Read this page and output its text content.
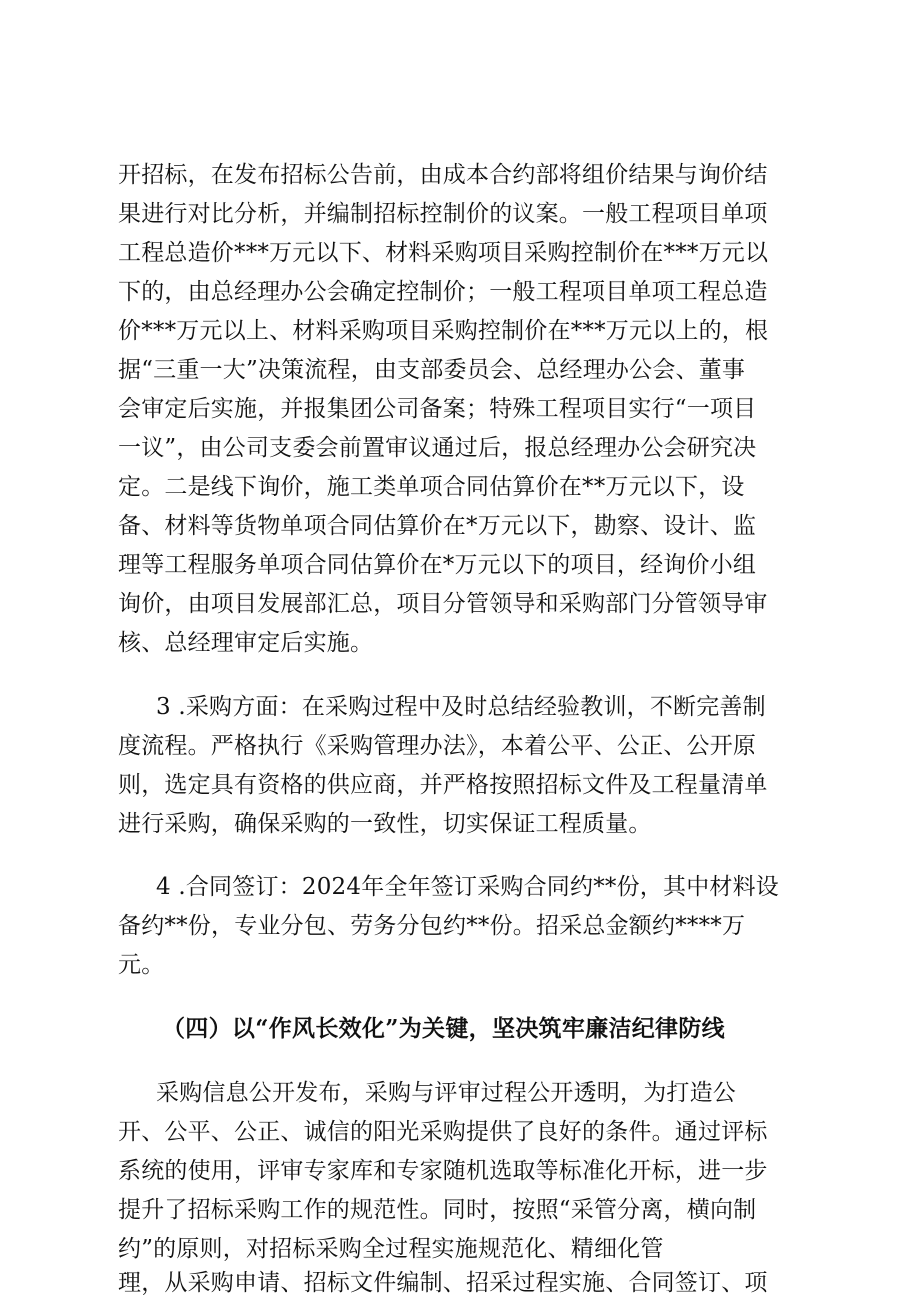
开招标，在发布招标公告前，由成本合约部将组价结果与询价结
果进行对比分析，并编制招标控制价的议案。一般工程项目单项
工程总造价***万元以下、材料采购项目采购控制价在***万元以
下的，由总经理办公会确定控制价；一般工程项目单项工程总造
价***万元以上、材料采购项目采购控制价在***万元以上的，根
据“三重一大”决策流程，由支部委员会、总经理办公会、董事
会审定后实施，并报集团公司备案；特殊工程项目实行“一项目
一议”，由公司支委会前置审议通过后，报总经理办公会研究决
定。二是线下询价，施工类单项合同估算价在**万元以下，设
备、材料等货物单项合同估算价在*万元以下，勘察、设计、监
理等工程服务单项合同估算价在*万元以下的项目，经询价小组
询价，由项目发展部汇总，项目分管领导和采购部门分管领导审
核、总经理审定后实施。
3 .采购方面：在采购过程中及时总结经验教训，不断完善制
度流程。严格执行《采购管理办法》，本着公平、公正、公开原
则，选定具有资格的供应商，并严格按照招标文件及工程量清单
进行采购，确保采购的一致性，切实保证工程质量。
4 .合同签订：2024年全年签订采购合同约**份，其中材料设
备约**份，专业分包、劳务分包约**份。招采总金额约****万
元。
（四）以“作风长效化”为关键，坚决筑牢廉洁纪律防线
采购信息公开发布，采购与评审过程公开透明，为打造公
开、公平、公正、诚信的阳光采购提供了良好的条件。通过评标
系统的使用，评审专家库和专家随机选取等标准化开标，进一步
提升了招标采购工作的规范性。同时，按照“采管分离，横向制
约”的原则，对招标采购全过程实施规范化、精细化管
理，从采购申请、招标文件编制、招采过程实施、合同签订、项
